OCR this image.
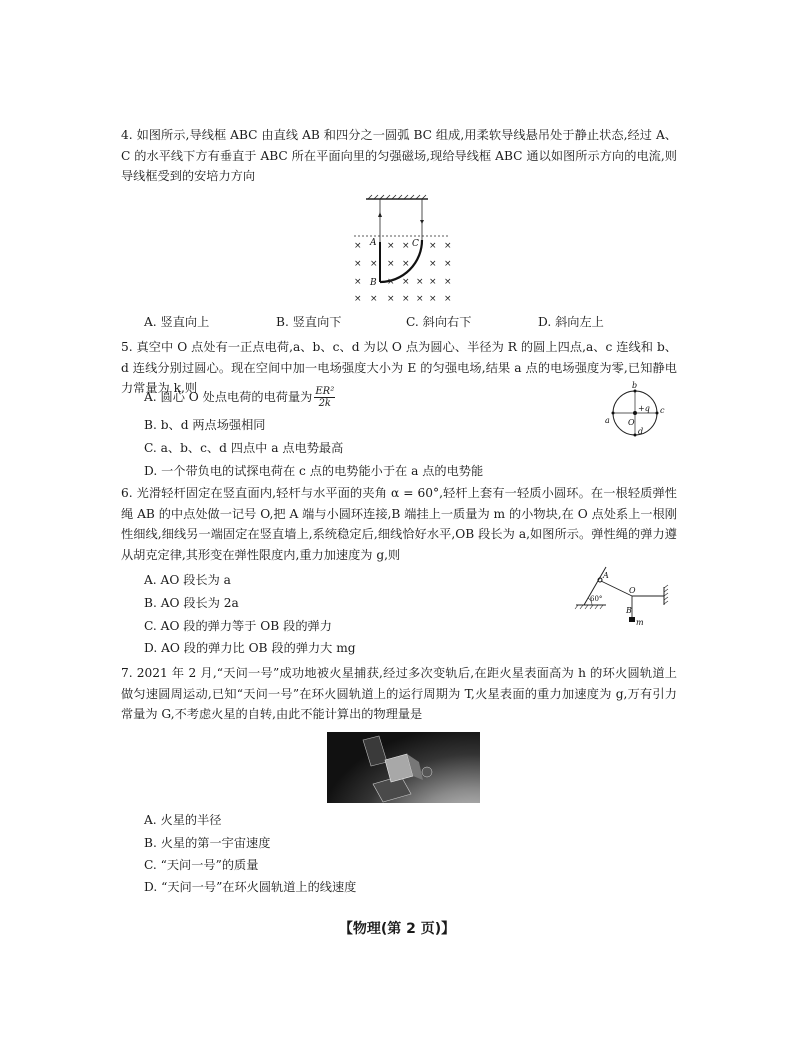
4. 如图所示,导线框 ABC 由直线 AB 和四分之一圆弧 BC 组成,用柔软导线悬吊处于静止状态,经过 A、C 的水平线下方有垂直于 ABC 所在平面向里的匀强磁场,现给导线框 ABC 通以如图所示方向的电流,则导线框受到的安培力方向

×	× × × ×
× × × × × ×
×	× × × × ×
× × × × × × ×
A	C
B
A. 竖直向上	B. 竖直向下	C. 斜向右下	D. 斜向左上

5. 真空中 O 点处有一正点电荷,a、b、c、d 为以 O 点为圆心、半径为 R 的圆上四点,a、c 连线和 b、d 连线分别过圆心。现在空间中加一电场强度大小为 E 的匀强电场,结果 a 点的电场强度为零,已知静电力常量为 k,则

A. 圆心 O 处点电荷的电荷量为 $\frac{\text{ER²}}{2k}$
B. b、d 两点场强相同
C. a、b、c、d 四点中 a 点电势最高
D. 一个带负电的试探电荷在 c 点的电势能小于在 a 点的电势能
b
a
c
O
+q
d

6. 光滑轻杆固定在竖直面内,轻杆与水平面的夹角 α = 60°,轻杆上套有一轻质小圆环。在一根轻质弹性绳 AB 的中点处做一记号 O,把 A 端与小圆环连接,B 端挂上一质量为 m 的小物块,在 O 点处系上一根刚性细线,细线另一端固定在竖直墙上,系统稳定后,细线恰好水平,OB 段长为 a,如图所示。弹性绳的弹力遵从胡克定律,其形变在弹性限度内,重力加速度为 g,则

A. AO 段长为 a
B. AO 段长为 2a
C. AO 段的弹力等于 OB 段的弹力
D. AO 段的弹力比 OB 段的弹力大 mg
A
O
B
m
60°

7. 2021 年 2 月,“天问一号”成功地被火星捕获,经过多次变轨后,在距火星表面高为 h 的环火圆轨道上做匀速圆周运动,已知“天问一号”在环火圆轨道上的运行周期为 T,火星表面的重力加速度为 g,万有引力常量为 G,不考虑火星的自转,由此不能计算出的物理量是

A. 火星的半径
B. 火星的第一宇宙速度
C. “天问一号”的质量
D. “天问一号”在环火圆轨道上的线速度
【物理(第 2 页)】
